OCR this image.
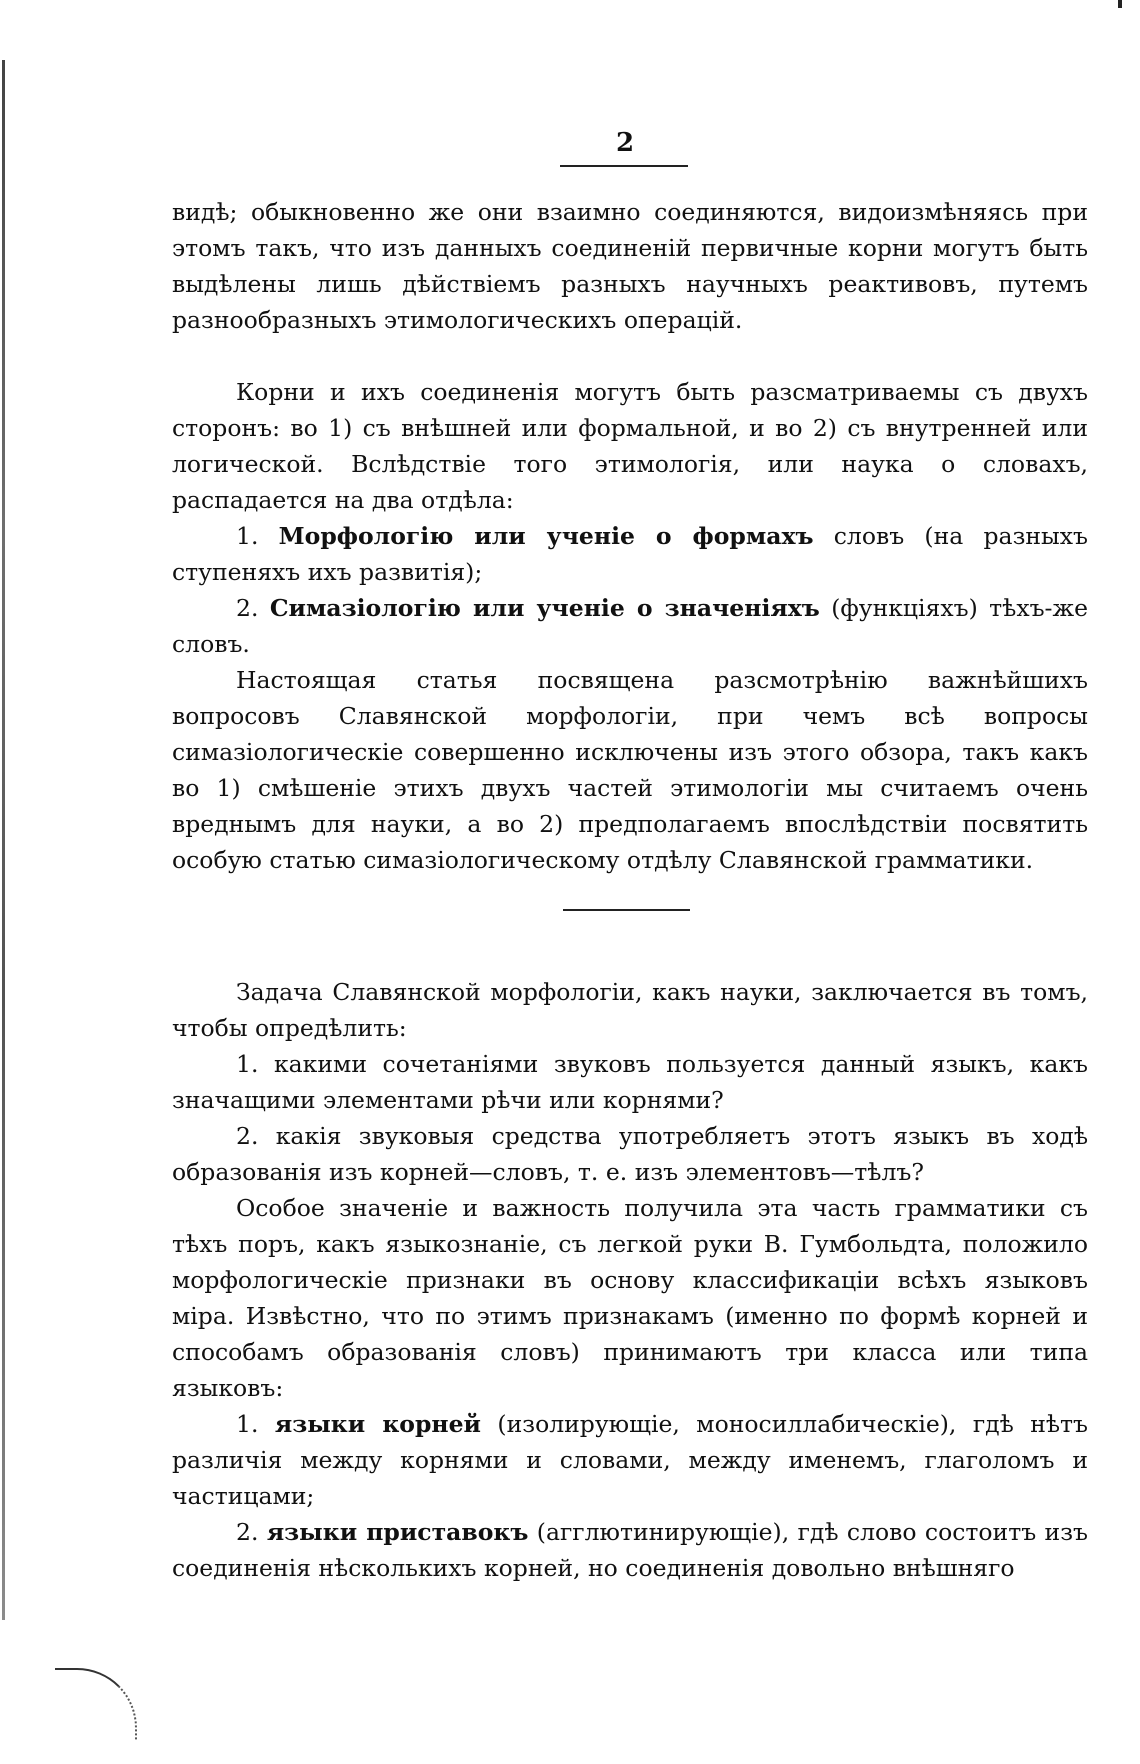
2

видѣ; обыкновенно же они взаимно соединяются, видоизмѣняясь при этомъ такъ, что изъ данныхъ соединеній первичные корни могутъ быть выдѣлены лишь дѣйствіемъ разныхъ научныхъ реактивовъ, путемъ разнообразныхъ этимологическихъ операцій.

Корни и ихъ соединенія могутъ быть разсматриваемы съ двухъ сторонъ: во 1) съ внѣшней или формальной, и во 2) съ внутренней или логической. Вслѣдствіе того этимологія, или наука о словахъ, распадается на два отдѣла:

1. Морфологію или ученіе о формахъ словъ (на разныхъ ступеняхъ ихъ развитія);

2. Симазіологію или ученіе о значеніяхъ (функціяхъ) тѣхъ-же словъ.

Настоящая статья посвящена разсмотрѣнію важнѣйшихъ вопросовъ Славянской морфологіи, при чемъ всѣ вопросы симазіологическіе совершенно исключены изъ этого обзора, такъ какъ во 1) смѣшеніе этихъ двухъ частей этимологіи мы считаемъ очень вреднымъ для науки, а во 2) предполагаемъ впослѣдствіи посвятить особую статью симазіологическому отдѣлу Славянской грамматики.

Задача Славянской морфологіи, какъ науки, заключается въ томъ, чтобы опредѣлить:

1. какими сочетаніями звуковъ пользуется данный языкъ, какъ значащими элементами рѣчи или корнями?

2. какія звуковыя средства употребляетъ этотъ языкъ въ ходѣ образованія изъ корней—словъ, т. е. изъ элементовъ—тѣлъ?

Особое значеніе и важность получила эта часть грамматики съ тѣхъ поръ, какъ языкознаніе, съ легкой руки В. Гумбольдта, положило морфологическіе признаки въ основу классификаціи всѣхъ языковъ міра. Извѣстно, что по этимъ признакамъ (именно по формѣ корней и способамъ образованія словъ) принимаютъ три класса или типа языковъ:

1. языки корней (изолирующіе, моносиллабическіе), гдѣ нѣтъ различія между корнями и словами, между именемъ, глаголомъ и частицами;

2. языки приставокъ (агглютинирующіе), гдѣ слово состоитъ изъ соединенія нѣсколькихъ корней, но соединенія довольно внѣшняго
